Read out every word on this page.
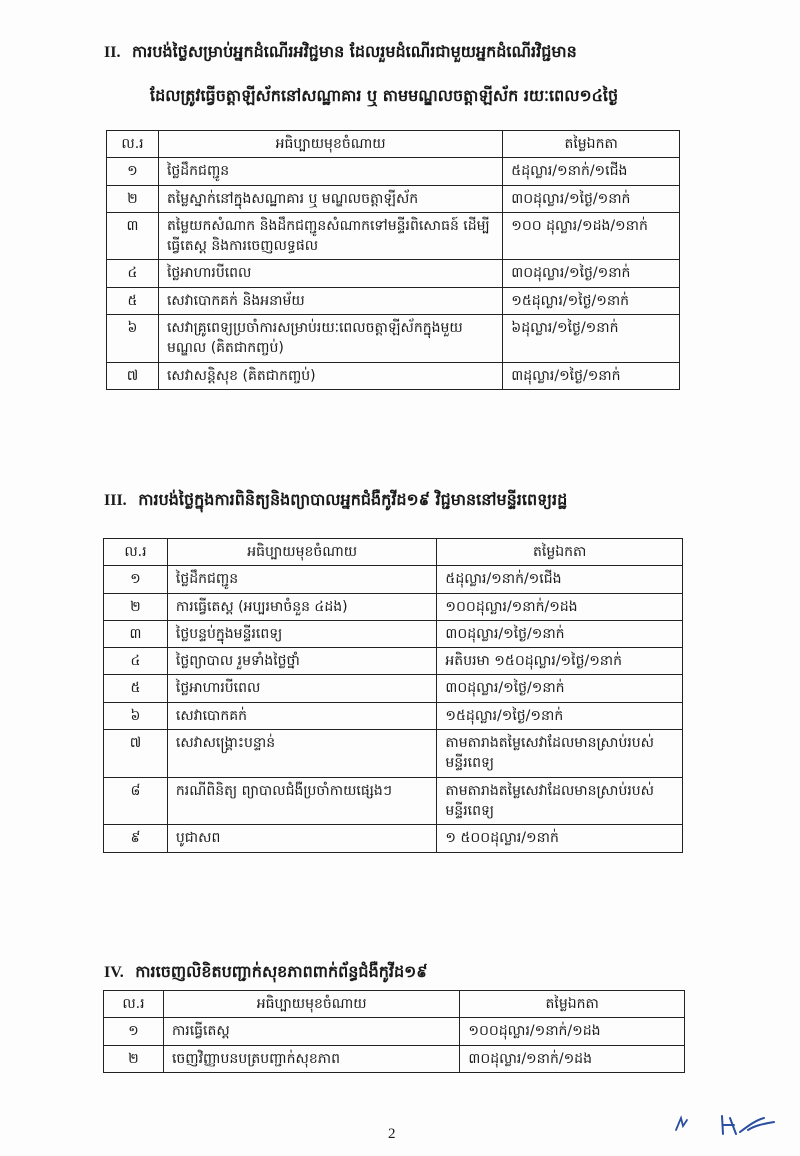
II. ការបង់ថ្លៃសម្រាប់អ្នកដំណើរអវិជ្ជមាន ដែលរួមដំណើរជាមួយអ្នកដំណើរវិជ្ជមាន
ដែលត្រូវធ្វើចត្តាឡីស័កនៅសណ្ឋាគារ ឬ តាមមណ្ឌលចត្តាឡីស័ក រយៈពេល១៤ថ្ងៃ
ល.រ	អធិប្បាយមុខចំណាយ	តម្លៃឯកតា
១	ថ្លៃដឹកជញ្ជូន	៥ដុល្លារ/១នាក់/១ជើង
២	តម្លៃស្នាក់នៅក្នុងសណ្ឋាគារ ឬ មណ្ឌលចត្តាឡីស័ក	៣០ដុល្លារ/១ថ្ងៃ/១នាក់
៣	តម្លៃយកសំណាក និងដឹកជញ្ជូនសំណាកទៅមន្ទីរពិសោធន៍ ដើម្បីធ្វើតេស្ត និងការចេញលទ្ធផល	១០០ ដុល្លារ/១ដង/១នាក់
៤	ថ្លៃអាហារបីពេល	៣០ដុល្លារ/១ថ្ងៃ/១នាក់
៥	សេវាបោកគក់ និងអនាម័យ	១៥ដុល្លារ/១ថ្ងៃ/១នាក់
៦	សេវាគ្រូពេទ្យប្រចាំការសម្រាប់រយៈពេលចត្តាឡីស័កក្នុងមួយមណ្ឌល (គិតជាកញ្ចប់)	៦ដុល្លារ/១ថ្ងៃ/១នាក់
៧	សេវាសន្តិសុខ (គិតជាកញ្ចប់)	៣ដុល្លារ/១ថ្ងៃ/១នាក់
III. ការបង់ថ្លៃក្នុងការពិនិត្យនិងព្យាបាលអ្នកជំងឺកូវីដ១៩ វិជ្ជមាននៅមន្ទីរពេទ្យរដ្ឋ
ល.រ	អធិប្បាយមុខចំណាយ	តម្លៃឯកតា
១	ថ្លៃដឹកជញ្ជូន	៥ដុល្លារ/១នាក់/១ជើង
២	ការធ្វើតេស្ត (អប្បរមាចំនួន ៤ដង)	១០០ដុល្លារ/១នាក់/១ដង
៣	ថ្លៃបន្ទប់ក្នុងមន្ទីរពេទ្យ	៣០ដុល្លារ/១ថ្ងៃ/១នាក់
៤	ថ្លៃព្យាបាល រួមទាំងថ្លៃថ្នាំ	អតិបរមា ១៥០ដុល្លារ/១ថ្ងៃ/១នាក់
៥	ថ្លៃអាហារបីពេល	៣០ដុល្លារ/១ថ្ងៃ/១នាក់
៦	សេវាបោកគក់	១៥ដុល្លារ/១ថ្ងៃ/១នាក់
៧	សេវាសង្គ្រោះបន្ទាន់	តាមតារាងតម្លៃសេវាដែលមានស្រាប់របស់មន្ទីរពេទ្យ
៨	ករណីពិនិត្យ ព្យាបាលជំងឺប្រចាំកាយផ្សេងៗ	តាមតារាងតម្លៃសេវាដែលមានស្រាប់របស់មន្ទីរពេទ្យ
៩	បូជាសព	១ ៥០០ដុល្លារ/១នាក់
IV. ការចេញលិខិតបញ្ជាក់សុខភាពពាក់ព័ន្ធជំងឺកូវីដ១៩
ល.រ	អធិប្បាយមុខចំណាយ	តម្លៃឯកតា
១	ការធ្វើតេស្ត	១០០ដុល្លារ/១នាក់/១ដង
២	ចេញវិញ្ញាបនបត្របញ្ជាក់សុខភាព	៣០ដុល្លារ/១នាក់/១ដង
2
